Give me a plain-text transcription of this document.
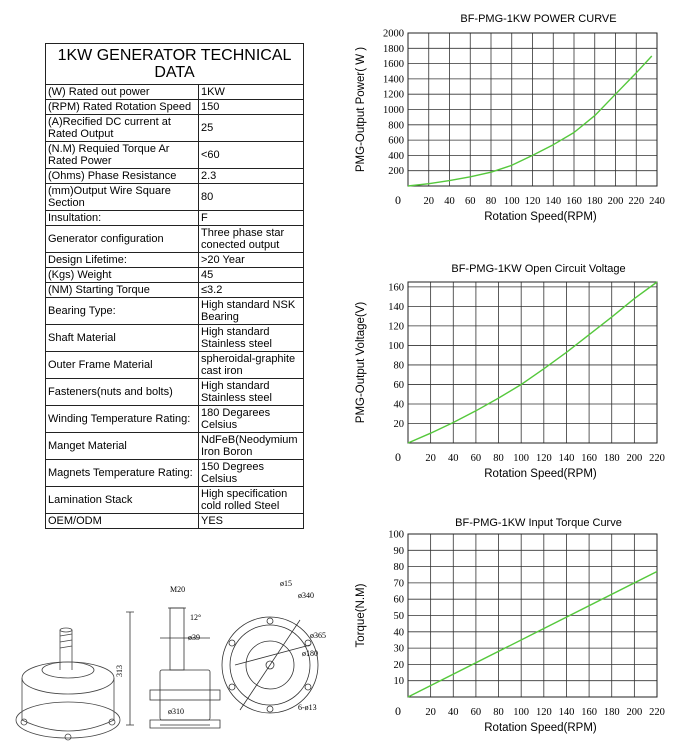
1KW GENERATOR TECHNICAL DATA	
(W) Rated out power	1KW
(RPM) Rated Rotation Speed	150
(A)Recified DC current at Rated Output	25
(N.M) Requied Torque Ar Rated Power	<60
(Ohms) Phase Resistance	2.3
(mm)Output Wire Square Section	80
Insultation:	F
Generator configuration	Three phase star conected output
Design Lifetime:	>20 Year
(Kgs) Weight	45
(NM) Starting Torque	≤3.2
Bearing Type:	High standard NSK Bearing
Shaft Material	High standard Stainless steel
Outer Frame Material	spheroidal-graphite cast iron
Fasteners(nuts and bolts)	High standard Stainless steel
Winding Temperature Rating:	180 Degarees Celsius
Manget Material	NdFeB(Neodymium Iron Boron
Magnets Temperature Rating:	150 Degrees Celsius
Lamination Stack	High specification cold rolled Steel
OEM/ODM	YES
BF-PMG-1KW POWER CURVE
0 20 40 60 80 100 120 140 160 180 200 220 240
200
400
600
800
1000
1200
1400
1600
1800
2000
Rotation Speed(RPM)
PMG-Output Power( W )
BF-PMG-1KW Open Circuit Voltage
0 20 40 60 80 100 120 140 160 180 200 220
20
40
60
80
100
120
140
160
Rotation Speed(RPM)
PMG-Output Voltage(V)
BF-PMG-1KW Input Torque Curve
0 20 40 60 80 100 120 140 160 180 200 220
10
20
30
40
50
60
70
80
90
100
Rotation Speed(RPM)
Torque(N.M)
M20
12°
ø39
313
ø310
ø15
ø340
ø365
ø180
6-ø13
